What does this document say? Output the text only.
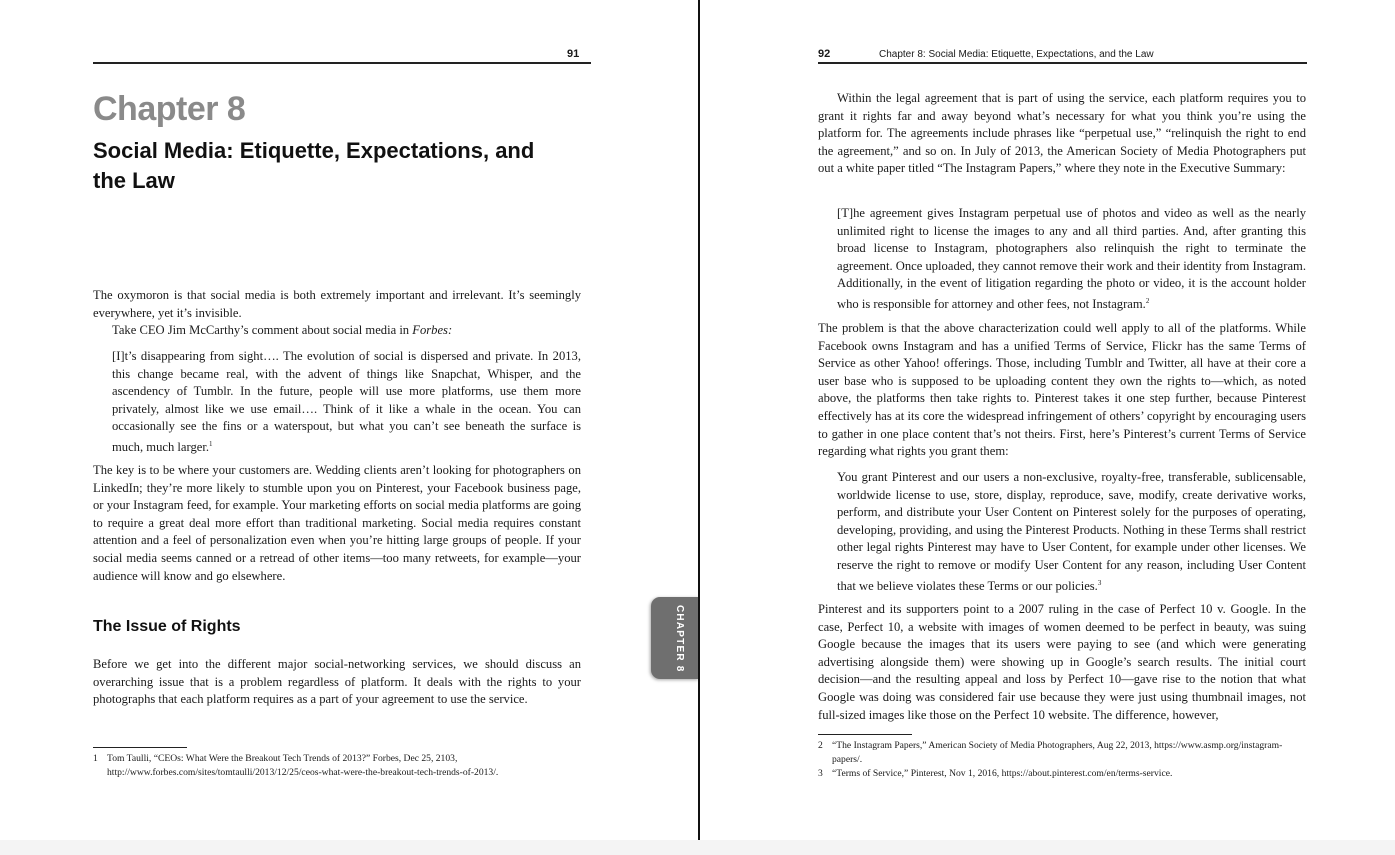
91
Chapter 8
Social Media: Etiquette, Expectations, and the Law

The oxymoron is that social media is both extremely important and irrelevant. It’s seemingly everywhere, yet it’s invisible.

Take CEO Jim McCarthy’s comment about social media in Forbes:

[I]t’s disappearing from sight…. The evolution of social is dispersed and private. In 2013, this change became real, with the advent of things like Snapchat, Whisper, and the ascendency of Tumblr. In the future, people will use more platforms, use them more privately, almost like we use email…. Think of it like a whale in the ocean. You can occasionally see the fins or a waterspout, but what you can’t see beneath the surface is much, much larger.$^1$

The key is to be where your customers are. Wedding clients aren’t looking for photographers on LinkedIn; they’re more likely to stumble upon you on Pinterest, your Facebook business page, or your Instagram feed, for example. Your marketing efforts on social media platforms are going to require a great deal more effort than traditional marketing. Social media requires constant attention and a feel of personalization even when you’re hitting large groups of people. If your social media seems canned or a retread of other items—too many retweets, for example—your audience will know and go elsewhere.

The Issue of Rights

Before we get into the different major social-networking services, we should discuss an overarching issue that is a problem regardless of platform. It deals with the rights to your photographs that each platform requires as a part of your agreement to use the service.

1 Tom Taulli, “CEOs: What Were the Breakout Tech Trends of 2013?” Forbes, Dec 25, 2103, http://www.forbes.com/sites/tomtaulli/2013/12/25/ceos-what-were-the-breakout-tech-trends-of-2013/.
CHAPTER 8
92	Chapter 8: Social Media: Etiquette, Expectations, and the Law

Within the legal agreement that is part of using the service, each platform requires you to grant it rights far and away beyond what’s necessary for what you think you’re using the platform for. The agreements include phrases like “perpetual use,” “relinquish the right to end the agreement,” and so on. In July of 2013, the American Society of Media Photographers put out a white paper titled “The Instagram Papers,” where they note in the Executive Summary:

[T]he agreement gives Instagram perpetual use of photos and video as well as the nearly unlimited right to license the images to any and all third parties. And, after granting this broad license to Instagram, photographers also relinquish the right to terminate the agreement. Once uploaded, they cannot remove their work and their identity from Instagram. Additionally, in the event of litigation regarding the photo or video, it is the account holder who is responsible for attorney and other fees, not Instagram.$^2$

The problem is that the above characterization could well apply to all of the platforms. While Facebook owns Instagram and has a unified Terms of Service, Flickr has the same Terms of Service as other Yahoo! offerings. Those, including Tumblr and Twitter, all have at their core a user base who is supposed to be uploading content they own the rights to—which, as noted above, the platforms then take rights to. Pinterest takes it one step further, because Pinterest effectively has at its core the widespread infringement of others’ copyright by encouraging users to gather in one place content that’s not theirs. First, here’s Pinterest’s current Terms of Service regarding what rights you grant them:

You grant Pinterest and our users a non-exclusive, royalty-free, transferable, sublicensable, worldwide license to use, store, display, reproduce, save, modify, create derivative works, perform, and distribute your User Content on Pinterest solely for the purposes of operating, developing, providing, and using the Pinterest Products. Nothing in these Terms shall restrict other legal rights Pinterest may have to User Content, for example under other licenses. We reserve the right to remove or modify User Content for any reason, including User Content that we believe violates these Terms or our policies.$^3$

Pinterest and its supporters point to a 2007 ruling in the case of Perfect 10 v. Google. In the case, Perfect 10, a website with images of women deemed to be perfect in beauty, was suing Google because the images that its users were paying to see (and which were generating advertising alongside them) were showing up in Google’s search results. The initial court decision—and the resulting appeal and loss by Perfect 10—gave rise to the notion that what Google was doing was considered fair use because they were just using thumbnail images, not full-sized images like those on the Perfect 10 website. The difference, however,

2 “The Instagram Papers,” American Society of Media Photographers, Aug 22, 2013, https://www.asmp.org/instagram-papers/.
3 “Terms of Service,” Pinterest, Nov 1, 2016, https://about.pinterest.com/en/terms-service.
